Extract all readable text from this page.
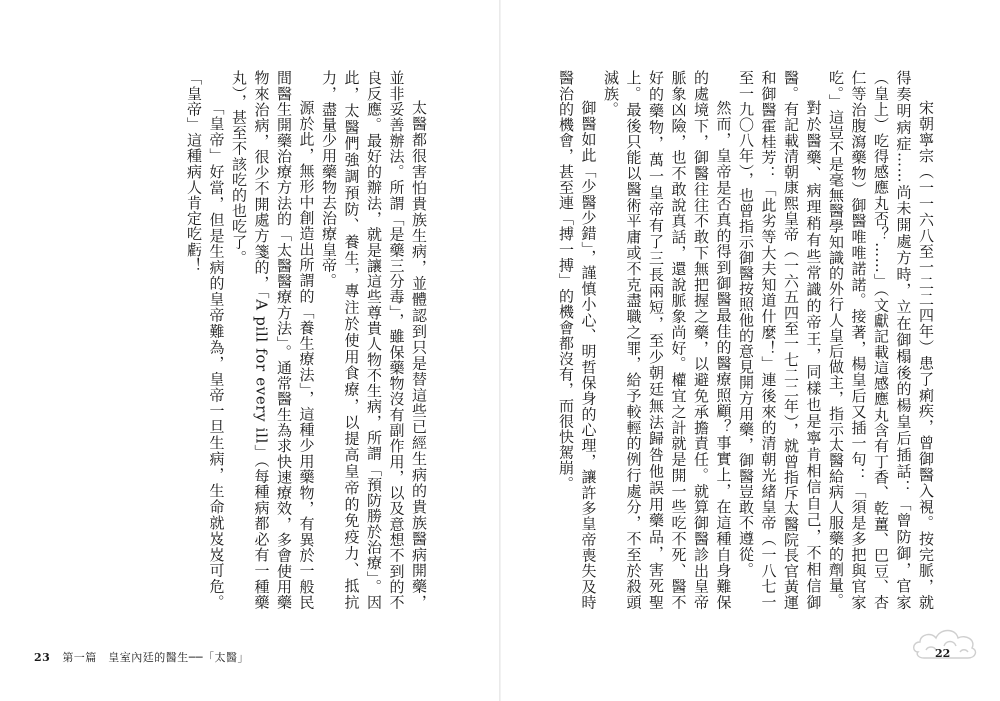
太醫都很害怕貴族生病，並體認到只是替這些已經生病的貴族醫病開藥，並非妥善辦法。所謂「是藥三分毒」，雖保藥物沒有副作用，以及意想不到的不良反應。最好的辦法，就是讓這些尊貴人物不生病，所謂「預防勝於治療」。因此，太醫們強調預防、養生，專注於使用食療，以提高皇帝的免疫力、抵抗力，盡量少用藥物去治療皇帝。

源於此，無形中創造出所謂的「養生療法」，這種少用藥物，有異於一般民間醫生開藥治療方法的「太醫醫療方法」。通常醫生為求快速療效，多會使用藥物來治病，很少不開處方箋的，「A pill for every ill」（每種病都必有一種藥丸），甚至不該吃的也吃了。

「皇帝」好當，但是生病的皇帝難為，皇帝一旦生病，生命就岌岌可危。「皇帝」這種病人肯定吃虧！

23 第一篇　皇室內廷的醫生──「太醫」

宋朝寧宗（一一六八至一二二四年）患了痢疾，曾御醫入視。按完脈，就得奏明病症……尚未開處方時，立在御榻後的楊皇后插話：「曾防御，官家（皇上）吃得感應丸否？……」（文獻記載這感應丸含有丁香、乾薑、巴豆、杏仁等治腹瀉藥物）御醫唯唯諾諾。接著，楊皇后又插一句：「須是多把與官家吃。」這豈不是毫無醫學知識的外行人皇后做主，指示太醫給病人服藥的劑量。

對於醫藥、病理稍有些常識的帝王，同樣也是寧肯相信自己，不相信御醫。有記載清朝康熙皇帝（一六五四至一七二二年），就曾指斥太醫院長官黃運和御醫霍桂芳：「此劣等大夫知道什麼！」連後來的清朝光緒皇帝（一八七一至一九〇八年），也曾指示御醫按照他的意見開方用藥，御醫豈敢不遵從。

然而，皇帝是否真的得到御醫最佳的醫療照顧？事實上，在這種自身難保的處境下，御醫往往不敢下無把握之藥，以避免承擔責任。就算御醫診出皇帝脈象凶險，也不敢說真話，還說脈象尚好。權宜之計就是開一些吃不死、醫不好的藥物，萬一皇帝有了三長兩短，至少朝廷無法歸咎他誤用藥品，害死聖上。最後只能以醫術平庸或不克盡職之罪，給予較輕的例行處分，不至於殺頭滅族。

御醫如此「少醫少錯」，謹慎小心、明哲保身的心理，讓許多皇帝喪失及時醫治的機會，甚至連「搏一搏」的機會都沒有，而很快駕崩。

22
